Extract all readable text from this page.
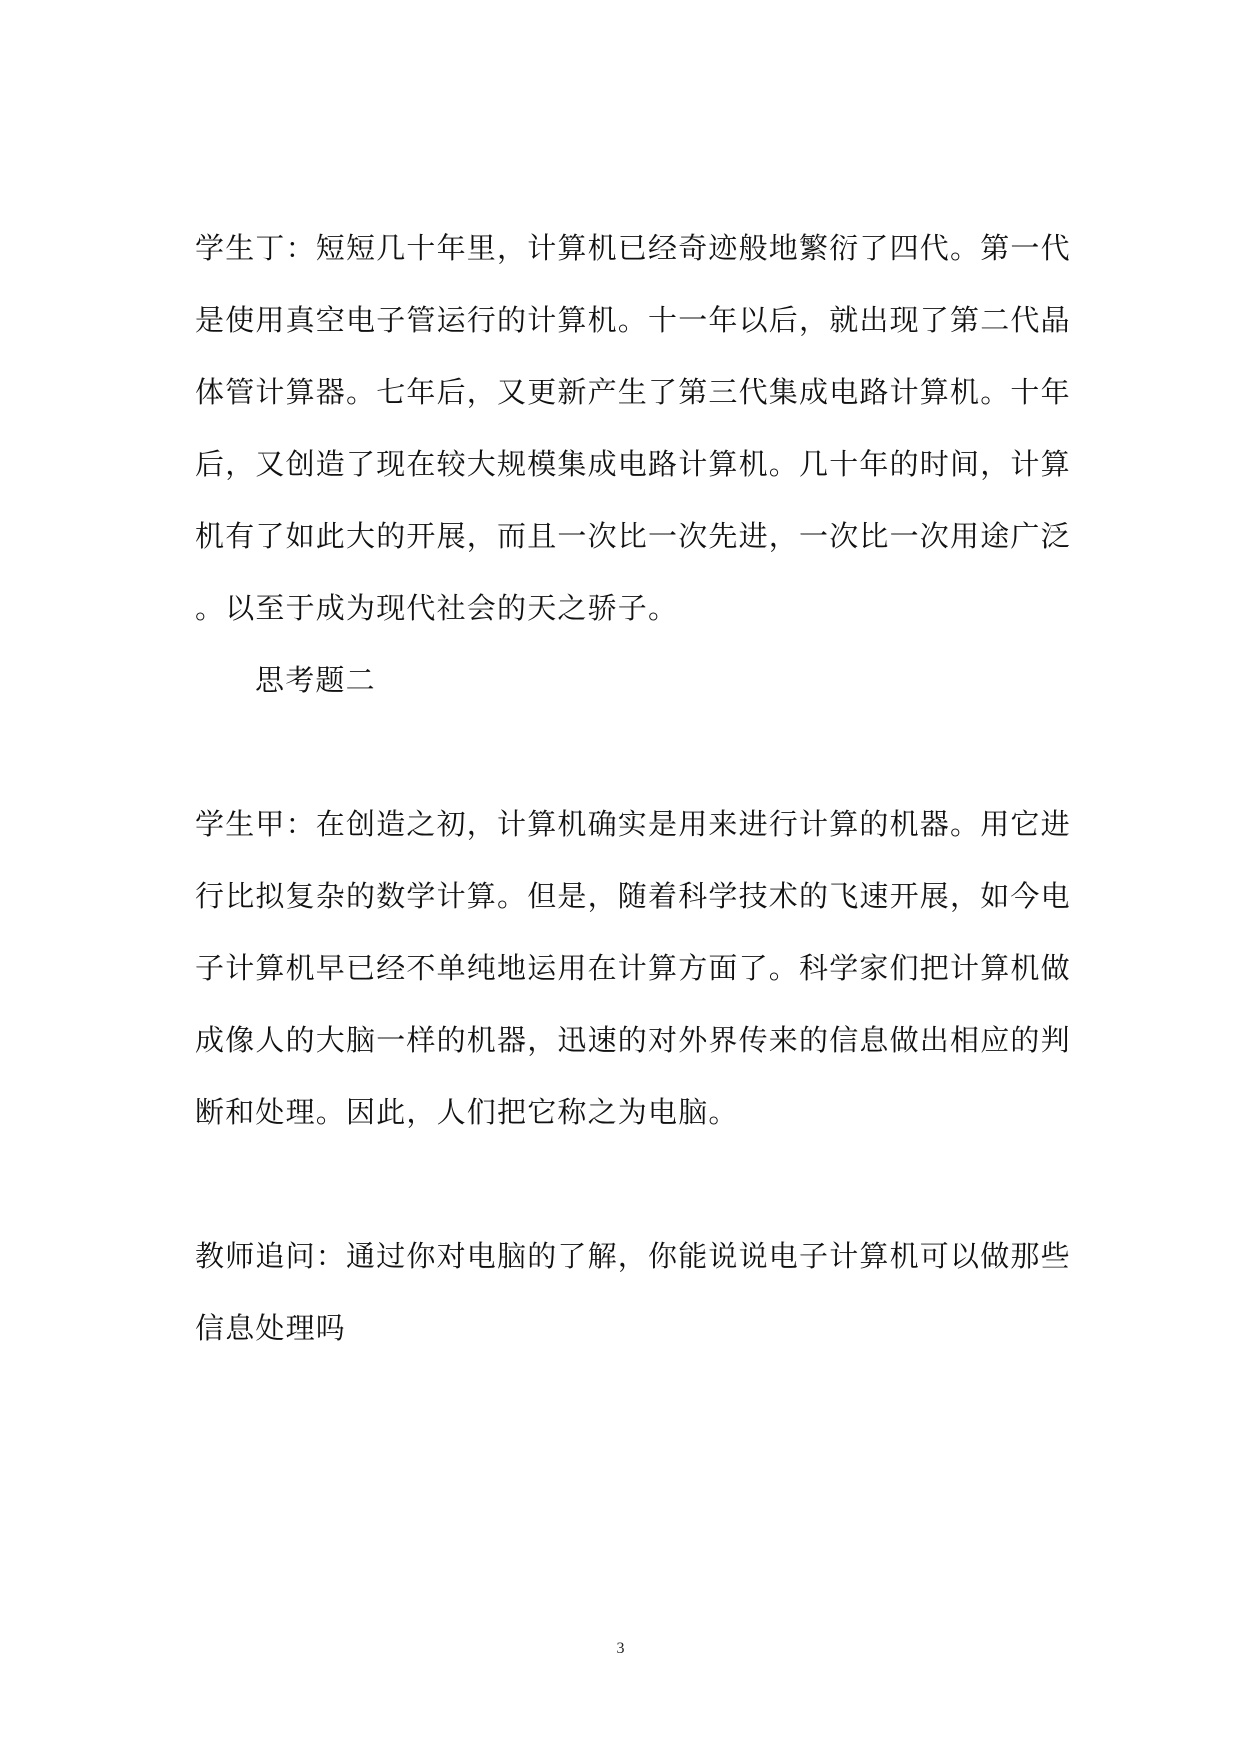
学生丁：短短几十年里，计算机已经奇迹般地繁衍了四代。第一代
是使用真空电子管运行的计算机。十一年以后，就出现了第二代晶
体管计算器。七年后，又更新产生了第三代集成电路计算机。十年
后，又创造了现在较大规模集成电路计算机。几十年的时间，计算
机有了如此大的开展，而且一次比一次先进，一次比一次用途广泛
。以至于成为现代社会的天之骄子。
思考题二
学生甲：在创造之初，计算机确实是用来进行计算的机器。用它进
行比拟复杂的数学计算。但是，随着科学技术的飞速开展，如今电
子计算机早已经不单纯地运用在计算方面了。科学家们把计算机做
成像人的大脑一样的机器，迅速的对外界传来的信息做出相应的判
断和处理。因此，人们把它称之为电脑。
教师追问：通过你对电脑的了解，你能说说电子计算机可以做那些
信息处理吗
3
